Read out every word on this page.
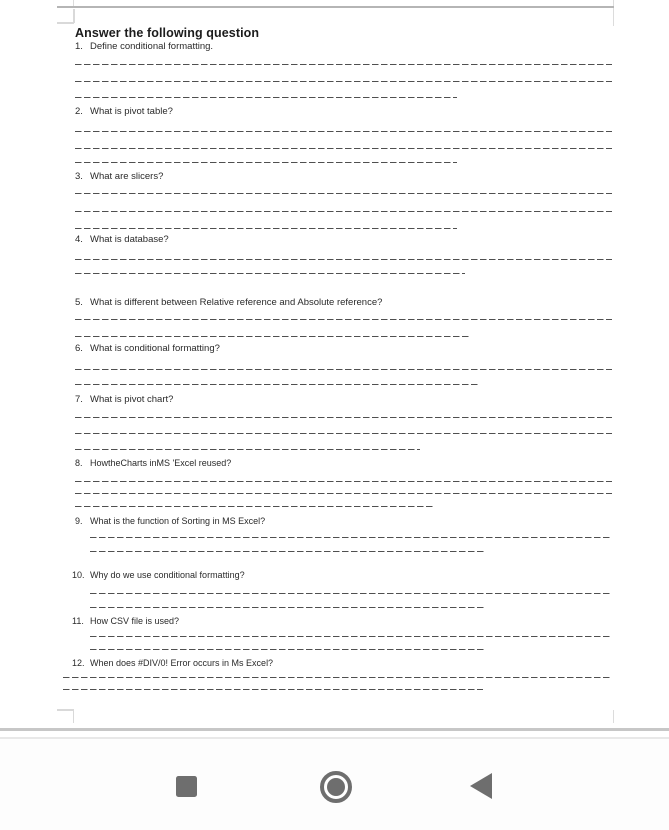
Answer the following question
1. Define conditional formatting.
2. What is pivot table?
3. What are slicers?
4. What is database?
5. What is different between Relative reference and Absolute reference?
6. What is conditional formatting?
7. What is pivot chart?
8. HowtheCharts inMS 'Excel reused?
9. What is the function of Sorting in MS Excel?
10. Why do we use conditional formatting?
11. How CSV file is used?
12. When does #DIV/0! Error occurs in Ms Excel?
